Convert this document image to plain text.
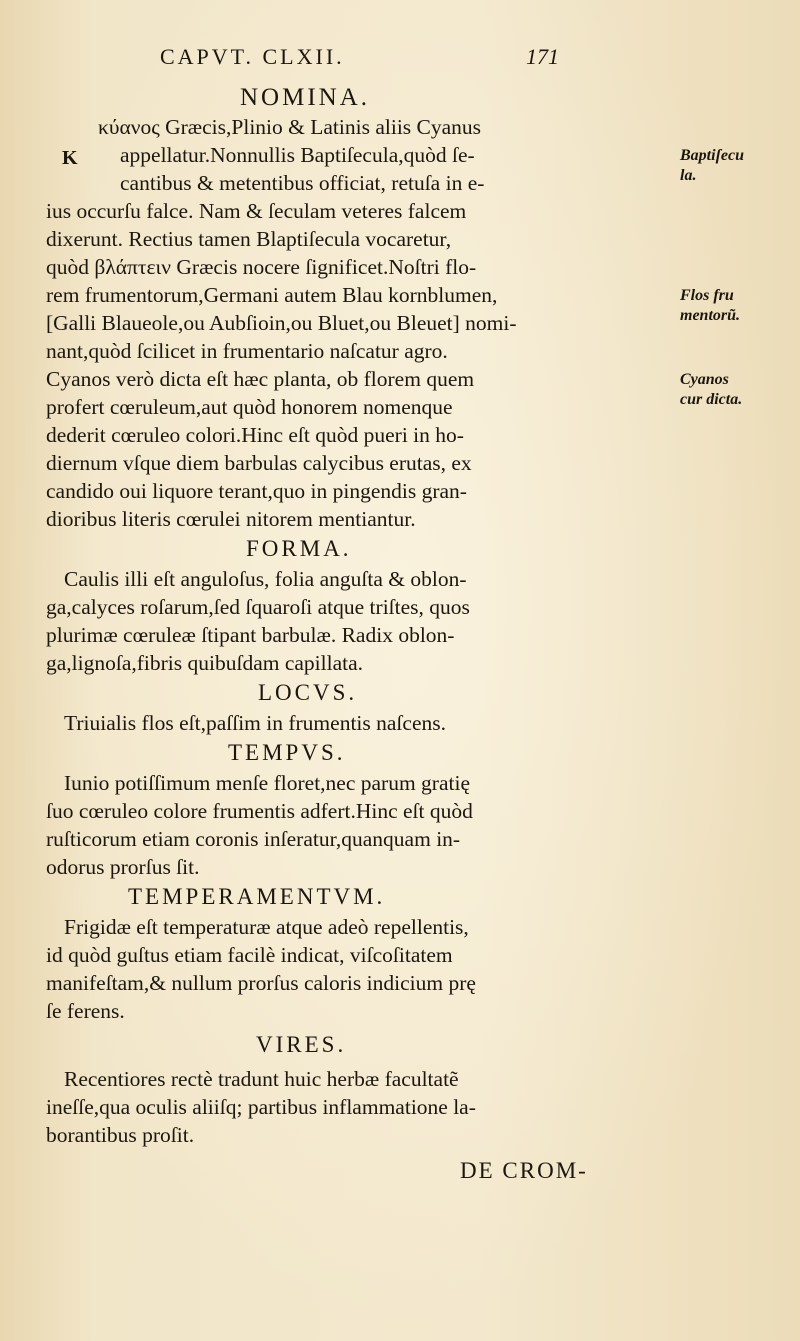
CAPVT. CLXII.	171
NOMINA.
K
κύανος Græcis,Plinio & Latinis aliis Cyanus
appellatur.Nonnullis Baptiſecula,quòd ſe-
cantibus & metentibus officiat, retuſa in e-
ius occurſu falce. Nam & ſeculam veteres falcem
dixerunt. Rectius tamen Blaptiſecula vocaretur,
quòd βλάπτειν Græcis nocere ſignificet.Noſtri flo-
rem frumentorum,Germani autem Blau kornblumen,
[Galli Blaueole,ou Aubſioin,ou Bluet,ou Bleuet] nomi-
nant,quòd ſcilicet in frumentario naſcatur agro.
Cyanos verò dicta eſt hæc planta, ob florem quem
profert cœruleum,aut quòd honorem nomenque
dederit cœruleo colori.Hinc eſt quòd pueri in ho-
diernum vſque diem barbulas calycibus erutas, ex
candido oui liquore terant,quo in pingendis gran-
dioribus literis cœrulei nitorem mentiantur.
FORMA.
Caulis illi eſt anguloſus, folia anguſta & oblon-
ga,calyces roſarum,ſed ſquaroſi atque triſtes, quos
plurimæ cœruleæ ſtipant barbulæ. Radix oblon-
ga,lignoſa,fibris quibuſdam capillata.
LOCVS.
Triuialis flos eſt,paſſim in frumentis naſcens.
TEMPVS.
Iunio potiſſimum menſe floret,nec parum gratię
ſuo cœruleo colore frumentis adfert.Hinc eſt quòd
ruſticorum etiam coronis inſeratur,quanquam in-
odorus prorſus ſit.
TEMPERAMENTVM.
Frigidæ eſt temperaturæ atque adeò repellentis,
id quòd guſtus etiam facilè indicat, viſcoſitatem
manifeſtam,& nullum prorſus caloris indicium prę
ſe ferens.
VIRES.
Recentiores rectè tradunt huic herbæ facultatẽ
ineſſe,qua oculis aliiſq; partibus inflammatione la-
borantibus proſit.
Baptiſecu
la.
Flos fru
mentorũ.
Cyanos
cur dicta.
DE CROM-
